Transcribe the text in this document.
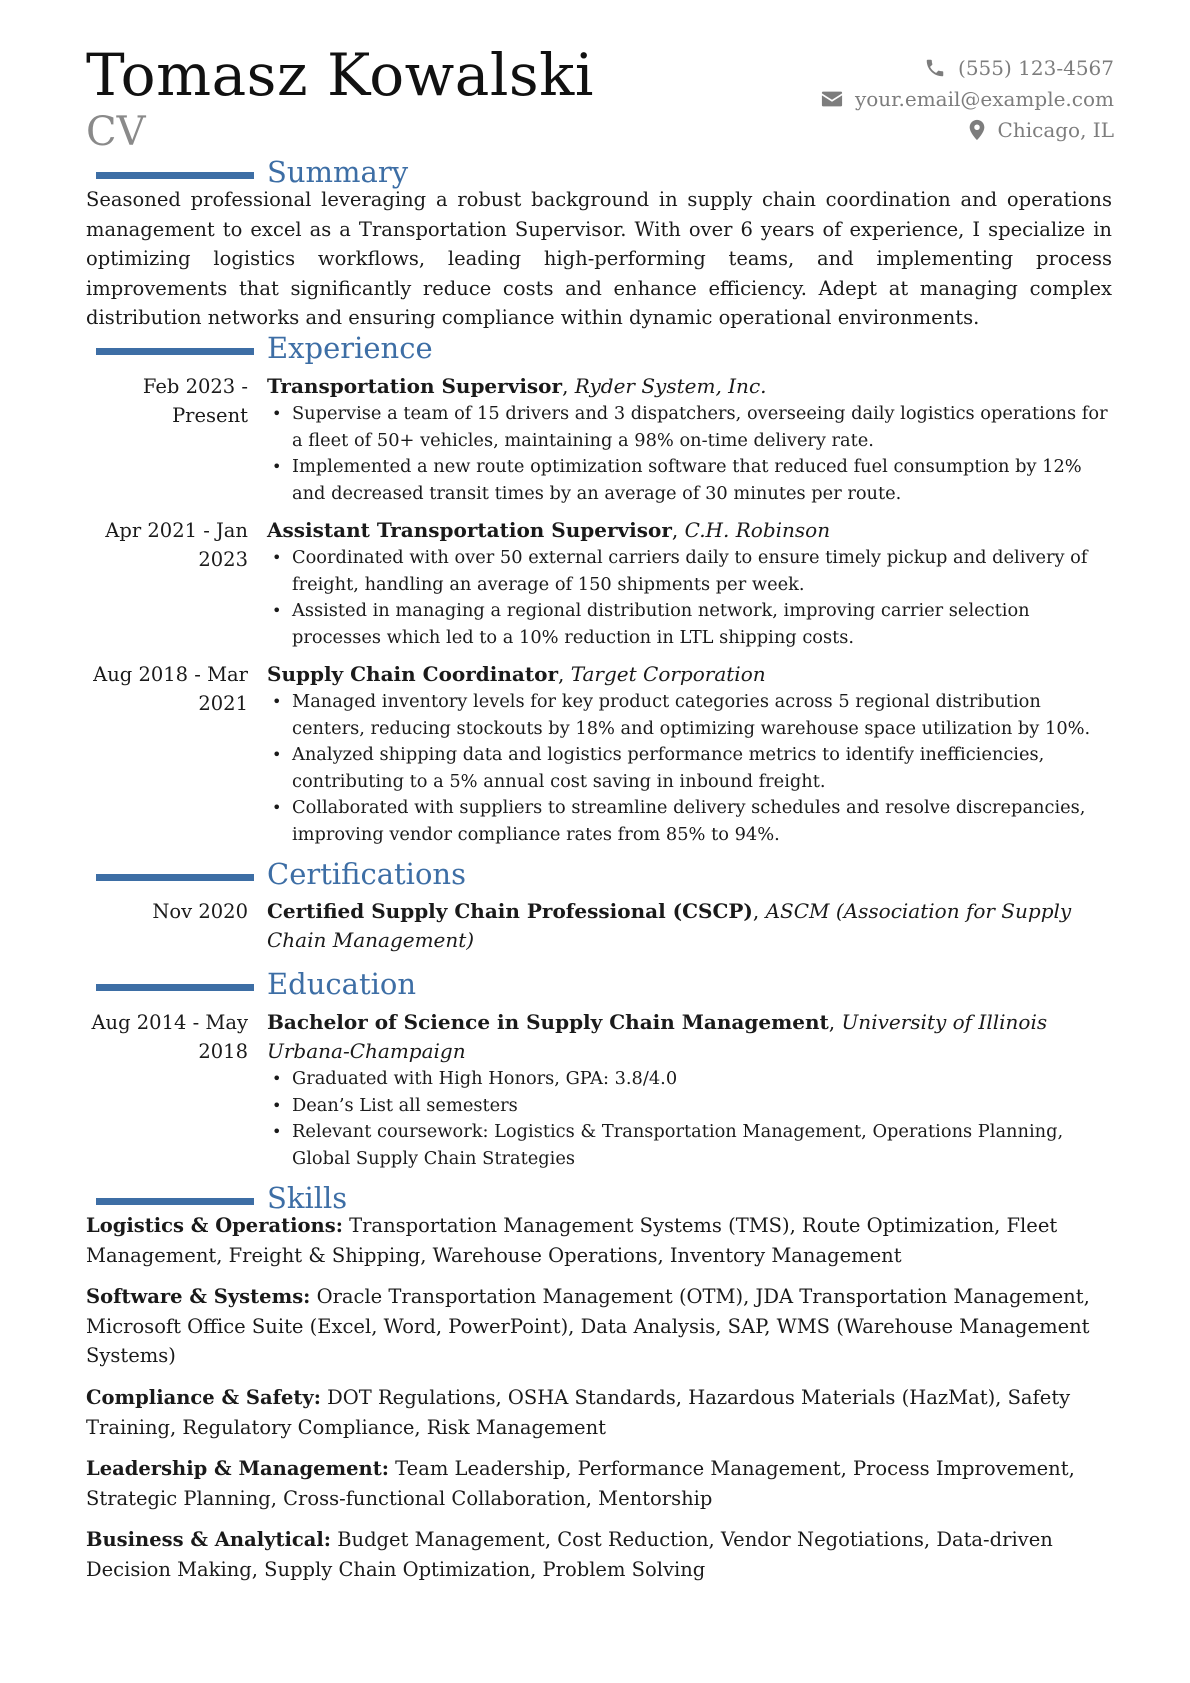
Tomasz Kowalski
CV
(555) 123-4567
your.email@example.com
Chicago, IL
Summary
Seasoned professional leveraging a robust background in supply chain coordination and operations management to excel as a Transportation Supervisor. With over 6 years of experience, I specialize in optimizing logistics workflows, leading high-performing teams, and implementing process improvements that significantly reduce costs and enhance efficiency. Adept at managing complex distribution networks and ensuring compliance within dynamic operational environments.
Experience
Feb 2023 - Present
Transportation Supervisor, Ryder System, Inc.
• Supervise a team of 15 drivers and 3 dispatchers, overseeing daily logistics operations for a fleet of 50+ vehicles, maintaining a 98% on-time delivery rate.
• Implemented a new route optimization software that reduced fuel consumption by 12% and decreased transit times by an average of 30 minutes per route.
Apr 2021 - Jan 2023
Assistant Transportation Supervisor, C.H. Robinson
• Coordinated with over 50 external carriers daily to ensure timely pickup and delivery of freight, handling an average of 150 shipments per week.
• Assisted in managing a regional distribution network, improving carrier selection processes which led to a 10% reduction in LTL shipping costs.
Aug 2018 - Mar 2021
Supply Chain Coordinator, Target Corporation
• Managed inventory levels for key product categories across 5 regional distribution centers, reducing stockouts by 18% and optimizing warehouse space utilization by 10%.
• Analyzed shipping data and logistics performance metrics to identify inefficiencies, contributing to a 5% annual cost saving in inbound freight.
• Collaborated with suppliers to streamline delivery schedules and resolve discrepancies, improving vendor compliance rates from 85% to 94%.
Certifications
Nov 2020 Certified Supply Chain Professional (CSCP), ASCM (Association for Supply Chain Management)
Education
Aug 2014 - May 2018
Bachelor of Science in Supply Chain Management, University of Illinois Urbana-Champaign
• Graduated with High Honors, GPA: 3.8/4.0
• Dean’s List all semesters
• Relevant coursework: Logistics & Transportation Management, Operations Planning, Global Supply Chain Strategies
Skills
Logistics & Operations: Transportation Management Systems (TMS), Route Optimization, Fleet Management, Freight & Shipping, Warehouse Operations, Inventory Management
Software & Systems: Oracle Transportation Management (OTM), JDA Transportation Management, Microsoft Office Suite (Excel, Word, PowerPoint), Data Analysis, SAP, WMS (Warehouse Management Systems)
Compliance & Safety: DOT Regulations, OSHA Standards, Hazardous Materials (HazMat), Safety Training, Regulatory Compliance, Risk Management
Leadership & Management: Team Leadership, Performance Management, Process Improvement, Strategic Planning, Cross-functional Collaboration, Mentorship
Business & Analytical: Budget Management, Cost Reduction, Vendor Negotiations, Data-driven Decision Making, Supply Chain Optimization, Problem Solving
